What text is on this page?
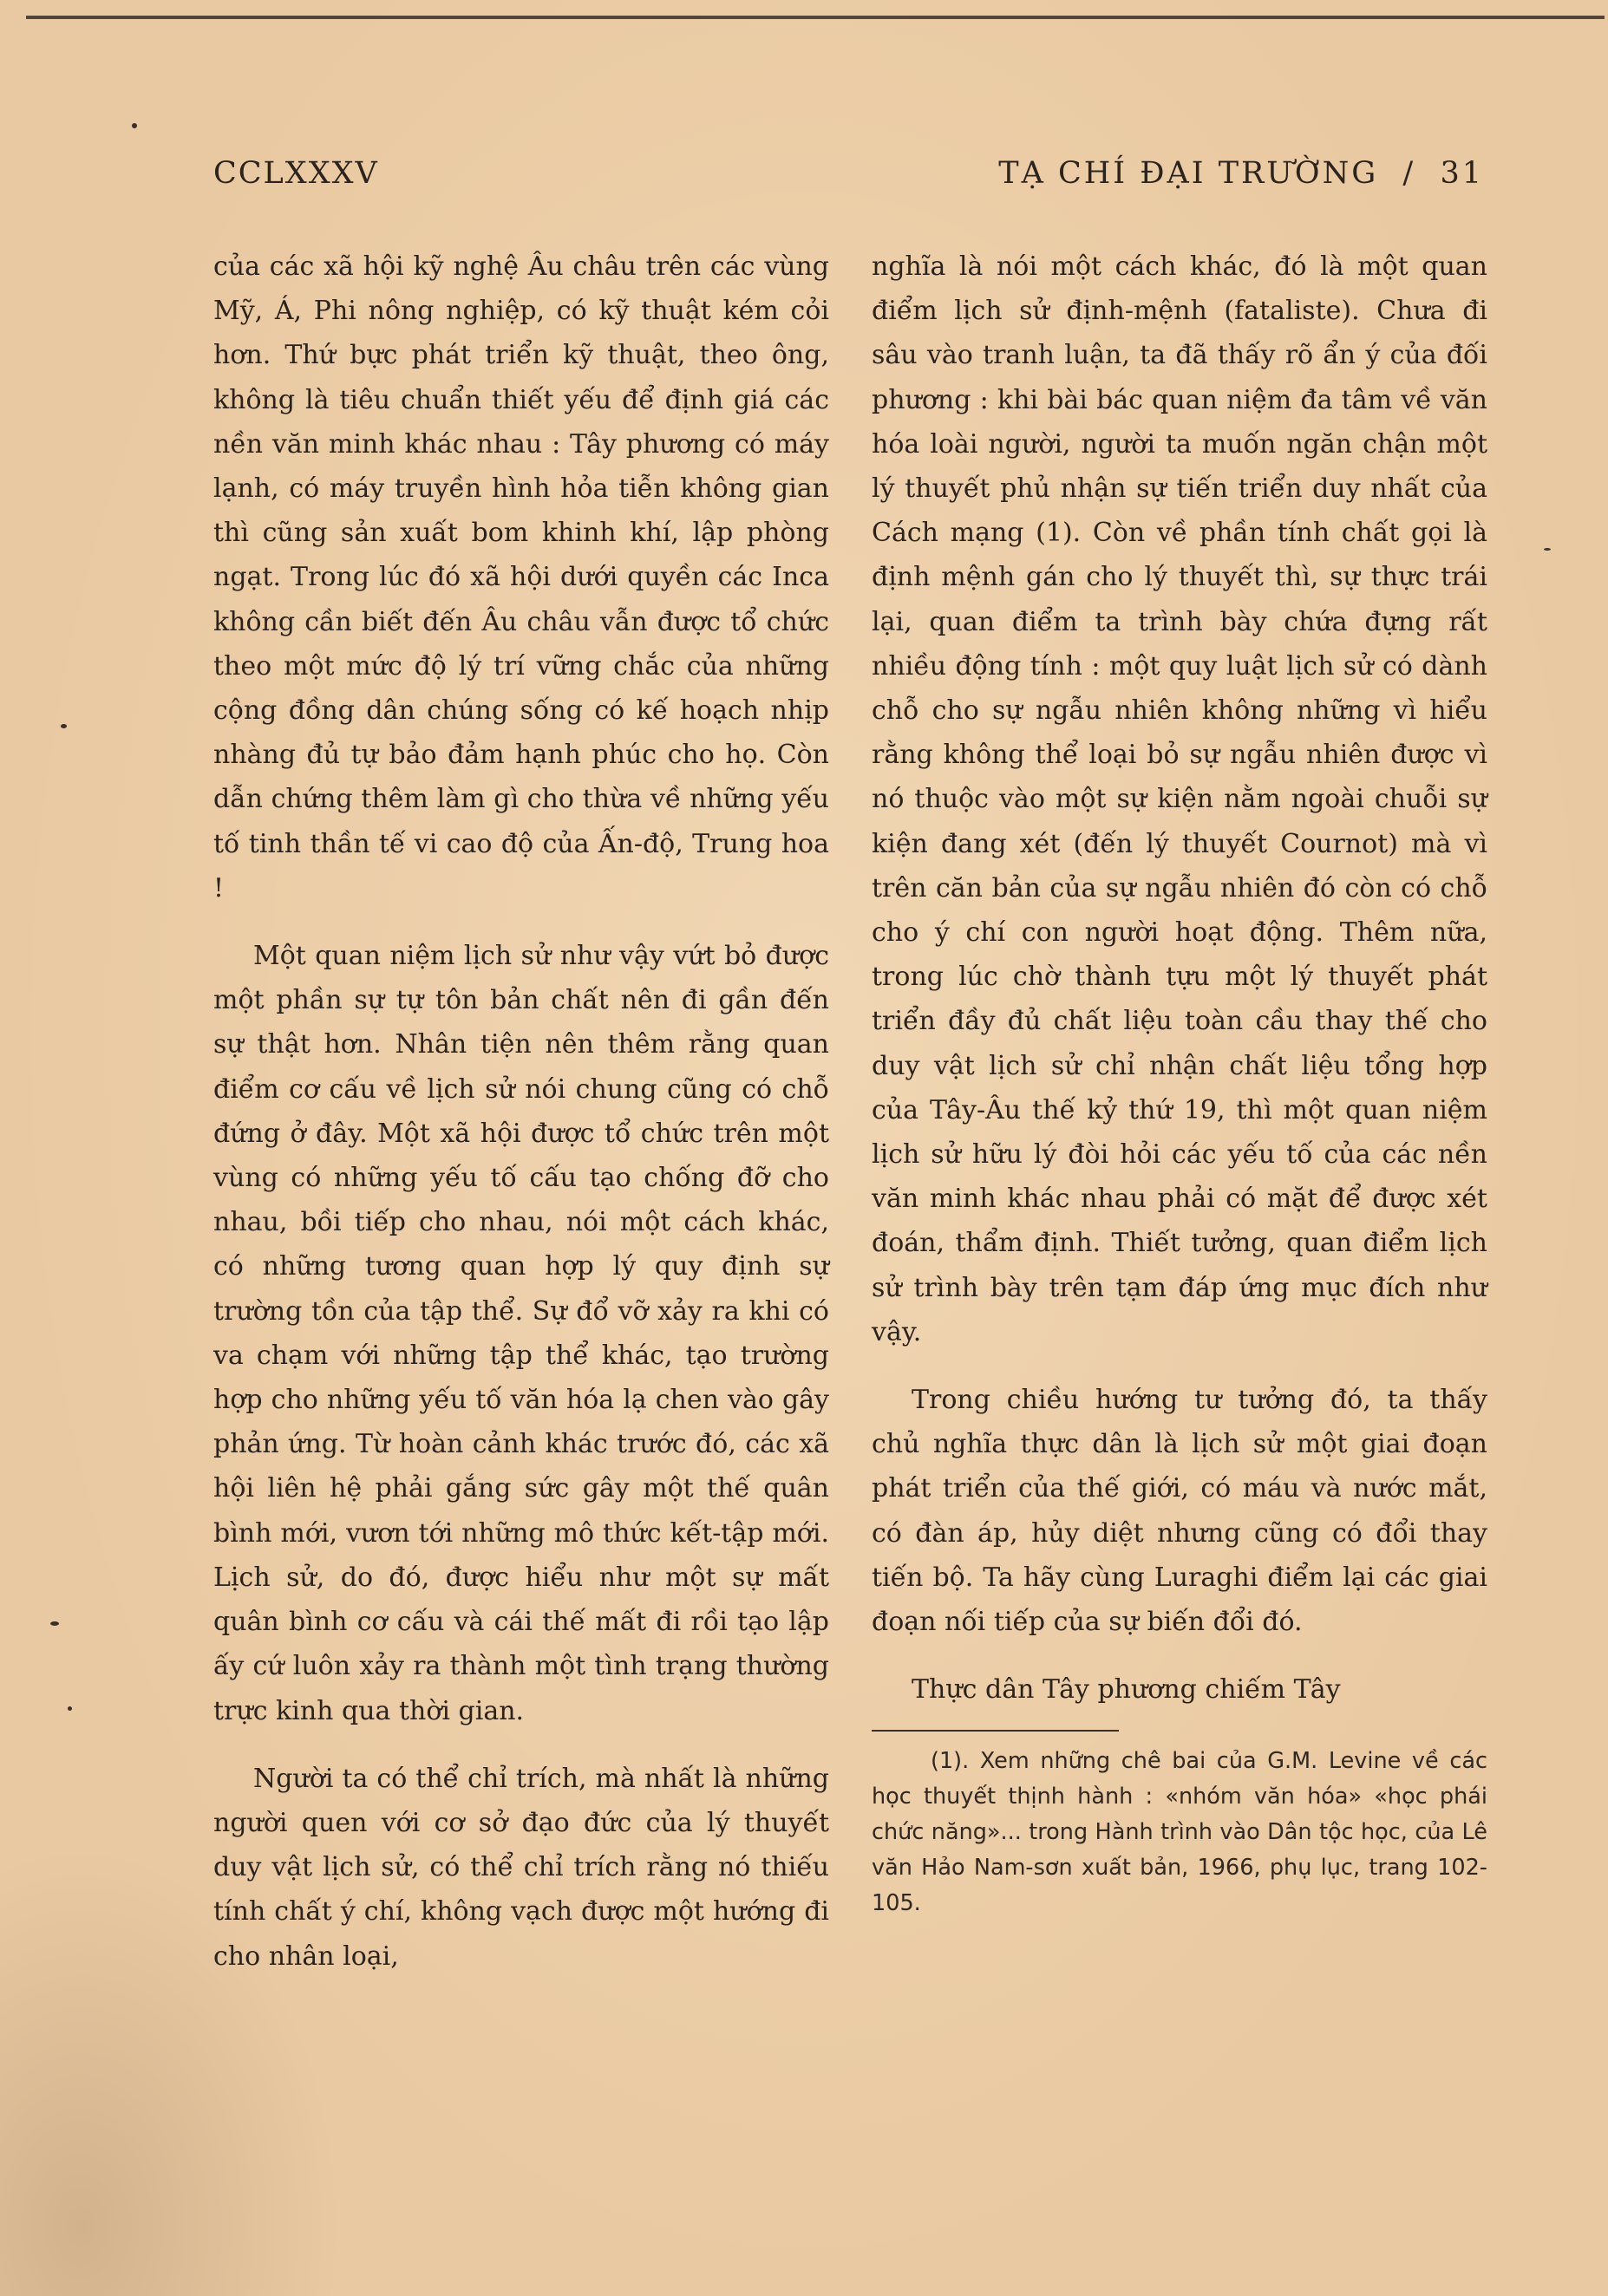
CCLXXXV	TẠ CHÍ ĐẠI TRƯỜNG  /  31

của các xã hội kỹ nghệ Âu châu trên các vùng Mỹ, Á, Phi nông nghiệp, có kỹ thuật kém cỏi hơn. Thứ bực phát triển kỹ thuật, theo ông, không là tiêu chuẩn thiết yếu để định giá các nền văn minh khác nhau : Tây phương có máy lạnh, có máy truyền hình hỏa tiễn không gian thì cũng sản xuất bom khinh khí, lập phòng ngạt. Trong lúc đó xã hội dưới quyền các Inca không cần biết đến Âu châu vẫn được tổ chức theo một mức độ lý trí vững chắc của những cộng đồng dân chúng sống có kế hoạch nhịp nhàng đủ tự bảo đảm hạnh phúc cho họ. Còn dẫn chứng thêm làm gì cho thừa về những yếu tố tinh thần tế vi cao độ của Ấn-độ, Trung hoa !

Một quan niệm lịch sử như vậy vứt bỏ được một phần sự tự tôn bản chất nên đi gần đến sự thật hơn. Nhân tiện nên thêm rằng quan điểm cơ cấu về lịch sử nói chung cũng có chỗ đứng ở đây. Một xã hội được tổ chức trên một vùng có những yếu tố cấu tạo chống đỡ cho nhau, bồi tiếp cho nhau, nói một cách khác, có những tương quan hợp lý quy định sự trường tồn của tập thể. Sự đổ vỡ xảy ra khi có va chạm với những tập thể khác, tạo trường hợp cho những yếu tố văn hóa lạ chen vào gây phản ứng. Từ hoàn cảnh khác trước đó, các xã hội liên hệ phải gắng sức gây một thế quân bình mới, vươn tới những mô thức kết-tập mới. Lịch sử, do đó, được hiểu như một sự mất quân bình cơ cấu và cái thế mất đi rồi tạo lập ấy cứ luôn xảy ra thành một tình trạng thường trực kinh qua thời gian.

Người ta có thể chỉ trích, mà nhất là những người quen với cơ sở đạo đức của lý thuyết duy vật lịch sử, có thể chỉ trích rằng nó thiếu tính chất ý chí, không vạch được một hướng đi cho nhân loại,

nghĩa là nói một cách khác, đó là một quan điểm lịch sử định-mệnh (fataliste). Chưa đi sâu vào tranh luận, ta đã thấy rõ ẩn ý của đối phương : khi bài bác quan niệm đa tâm về văn hóa loài người, người ta muốn ngăn chận một lý thuyết phủ nhận sự tiến triển duy nhất của Cách mạng (1). Còn về phần tính chất gọi là định mệnh gán cho lý thuyết thì, sự thực trái lại, quan điểm ta trình bày chứa đựng rất nhiều động tính : một quy luật lịch sử có dành chỗ cho sự ngẫu nhiên không những vì hiểu rằng không thể loại bỏ sự ngẫu nhiên được vì nó thuộc vào một sự kiện nằm ngoài chuỗi sự kiện đang xét (đến lý thuyết Cournot) mà vì trên căn bản của sự ngẫu nhiên đó còn có chỗ cho ý chí con người hoạt động. Thêm nữa, trong lúc chờ thành tựu một lý thuyết phát triển đầy đủ chất liệu toàn cầu thay thế cho duy vật lịch sử chỉ nhận chất liệu tổng hợp của Tây-Âu thế kỷ thứ 19, thì một quan niệm lịch sử hữu lý đòi hỏi các yếu tố của các nền văn minh khác nhau phải có mặt để được xét đoán, thẩm định. Thiết tưởng, quan điểm lịch sử trình bày trên tạm đáp ứng mục đích như vậy.

Trong chiều hướng tư tưởng đó, ta thấy chủ nghĩa thực dân là lịch sử một giai đoạn phát triển của thế giới, có máu và nước mắt, có đàn áp, hủy diệt nhưng cũng có đổi thay tiến bộ. Ta hãy cùng Luraghi điểm lại các giai đoạn nối tiếp của sự biến đổi đó.

Thực dân Tây phương chiếm Tây

(1). Xem những chê bai của G.M. Levine về các học thuyết thịnh hành : «nhóm văn hóa» «học phái chức năng»... trong Hành trình vào Dân tộc học, của Lê văn Hảo Nam-sơn xuất bản, 1966, phụ lục, trang 102-105.
